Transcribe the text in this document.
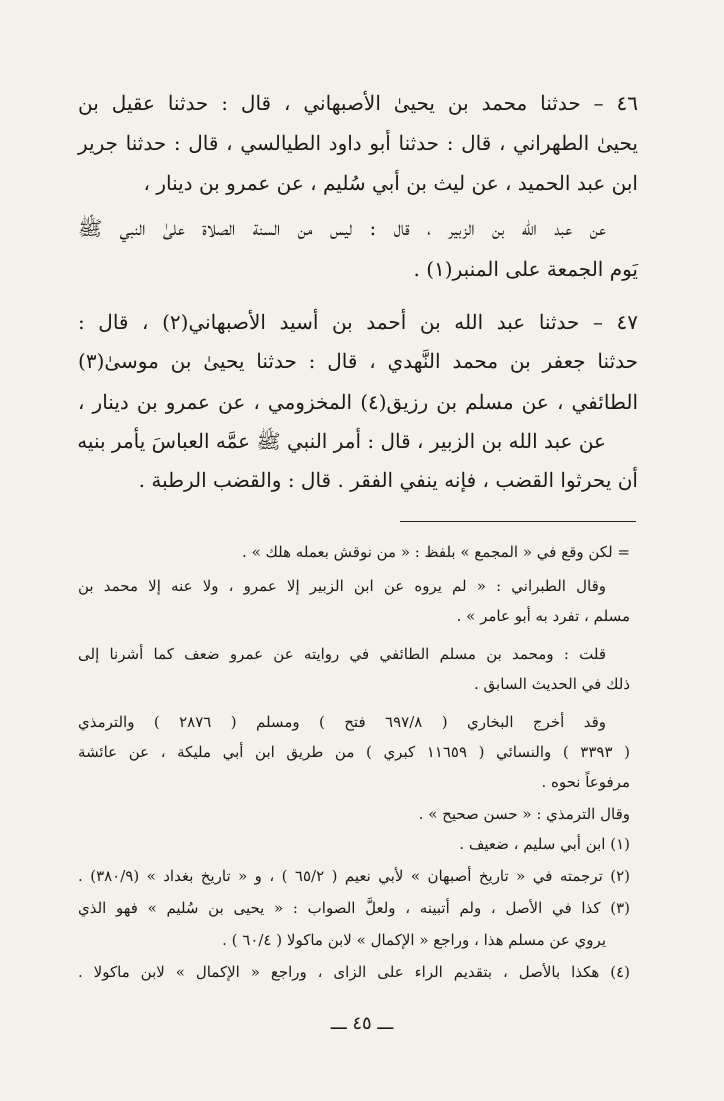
٤٦ – حدثنا محمد بن يحيىٰ الأصبهاني ، قال : حدثنا عقيل بن
يحيىٰ الطهراني ، قال : حدثنا أبو داود الطيالسي ، قال : حدثنا جرير
ابن عبد الحميد ، عن ليث بن أبي سُليم ، عن عمرو بن دينار ،
عن عبد الله بن الزبير ، قال : ليس من السنة الصلاة علىٰ النبي ﷺ
يَوم الجمعة على المنبر(١) .
٤٧ – حدثنا عبد الله بن أحمد بن أسيد الأصبهاني(٢) ، قال :
حدثنا جعفر بن محمد النَّهدي ، قال : حدثنا يحيىٰ بن موسىٰ(٣)
الطائفي ، عن مسلم بن رزيق(٤) المخزومي ، عن عمرو بن دينار ،
عن عبد الله بن الزبير ، قال : أمر النبي ﷺ عمَّه العباسَ يأمر بنيه
أن يحرثوا القضب ، فإنه ينفي الفقر . قال : والقضب الرطبة .
= لكن وقع في « المجمع » بلفظ : « من نوقش بعمله هلك » .
وقال الطبراني : « لم يروه عن ابن الزبير إلا عمرو ، ولا عنه إلا محمد بن
مسلم ، تفرد به أبو عامر » .
قلت : ومحمد بن مسلم الطائفي في روايته عن عمرو ضعف كما أشرنا إلى
ذلك في الحديث السابق .
وقد أخرج البخاري ( ٦٩٧/٨ فتح ) ومسلم ( ٢٨٧٦ ) والترمذي
( ٣٣٩٣ ) والنسائي ( ١١٦٥٩ كبري ) من طريق ابن أبي مليكة ، عن عائشة
مرفوعاً نحوه .
وقال الترمذي : « حسن صحيح » .
(١) ابن أبي سليم ، ضعيف .
(٢) ترجمته في « تاريخ أصبهان » لأبي نعيم ( ٦٥/٢ ) ، و « تاريخ بغداد » (٣٨٠/٩) .
(٣) كذا في الأصل ، ولم أتبينه ، ولعلَّ الصواب : « يحيى بن سُليم » فهو الذي
يروي عن مسلم هذا ، وراجع « الإكمال » لابن ماكولا ( ٦٠/٤ ) .
(٤) هكذا بالأصل ، بتقديم الراء على الزاى ، وراجع « الإكمال » لابن ماكولا .
ـــ ٤٥ ـــ
